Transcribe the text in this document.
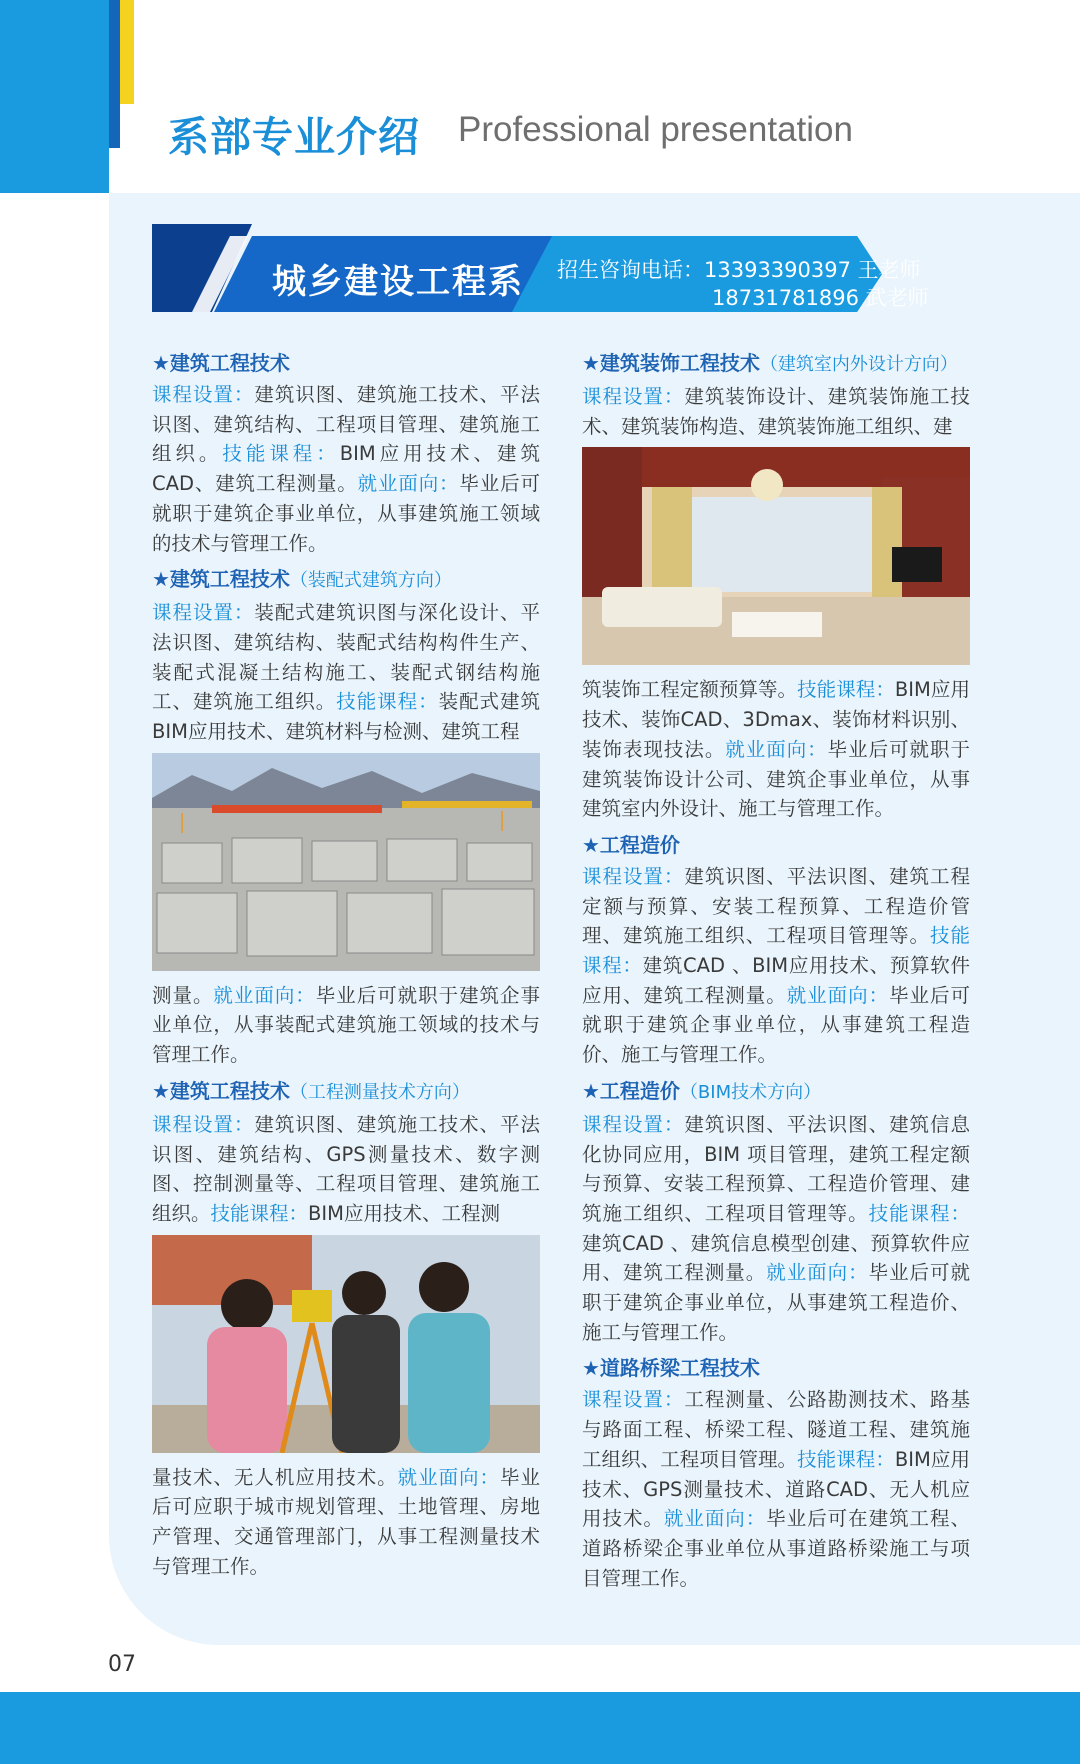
系部专业介绍 Professional presentation
城乡建设工程系 招生咨询电话：13393390397 王老师
18731781896 武老师
★建筑工程技术

课程设置：建筑识图、建筑施工技术、平法识图、建筑结构、工程项目管理、建筑施工组织。技能课程：BIM应用技术、建筑CAD、建筑工程测量。就业面向：毕业后可就职于建筑企事业单位，从事建筑施工领域的技术与管理工作。

★建筑工程技术（装配式建筑方向）

课程设置：装配式建筑识图与深化设计、平法识图、建筑结构、装配式结构构件生产、装配式混凝土结构施工、装配式钢结构施工、建筑施工组织。技能课程：装配式建筑BIM应用技术、建筑材料与检测、建筑工程

测量。就业面向：毕业后可就职于建筑企事业单位，从事装配式建筑施工领域的技术与管理工作。

★建筑工程技术（工程测量技术方向）

课程设置：建筑识图、建筑施工技术、平法识图、建筑结构、GPS测量技术、数字测图、控制测量等、工程项目管理、建筑施工组织。技能课程：BIM应用技术、工程测

量技术、无人机应用技术。就业面向：毕业后可应职于城市规划管理、土地管理、房地产管理、交通管理部门，从事工程测量技术与管理工作。

★建筑装饰工程技术（建筑室内外设计方向）

课程设置：建筑装饰设计、建筑装饰施工技术、建筑装饰构造、建筑装饰施工组织、建

筑装饰工程定额预算等。技能课程：BIM应用技术、装饰CAD、3Dmax、装饰材料识别、装饰表现技法。就业面向：毕业后可就职于建筑装饰设计公司、建筑企事业单位，从事建筑室内外设计、施工与管理工作。

★工程造价

课程设置：建筑识图、平法识图、建筑工程定额与预算、安装工程预算、工程造价管理、建筑施工组织、工程项目管理等。技能课程：建筑CAD 、BIM应用技术、预算软件应用、建筑工程测量。就业面向：毕业后可就职于建筑企事业单位，从事建筑工程造价、施工与管理工作。

★工程造价（BIM技术方向）

课程设置：建筑识图、平法识图、建筑信息化协同应用，BIM 项目管理，建筑工程定额与预算、安装工程预算、工程造价管理、建筑施工组织、工程项目管理等。技能课程：建筑CAD 、建筑信息模型创建、预算软件应用、建筑工程测量。就业面向：毕业后可就职于建筑企事业单位，从事建筑工程造价、施工与管理工作。

★道路桥梁工程技术

课程设置：工程测量、公路勘测技术、路基与路面工程、桥梁工程、隧道工程、建筑施工组织、工程项目管理。技能课程：BIM应用技术、GPS测量技术、道路CAD、无人机应用技术。就业面向：毕业后可在建筑工程、道路桥梁企事业单位从事道路桥梁施工与项目管理工作。

07
